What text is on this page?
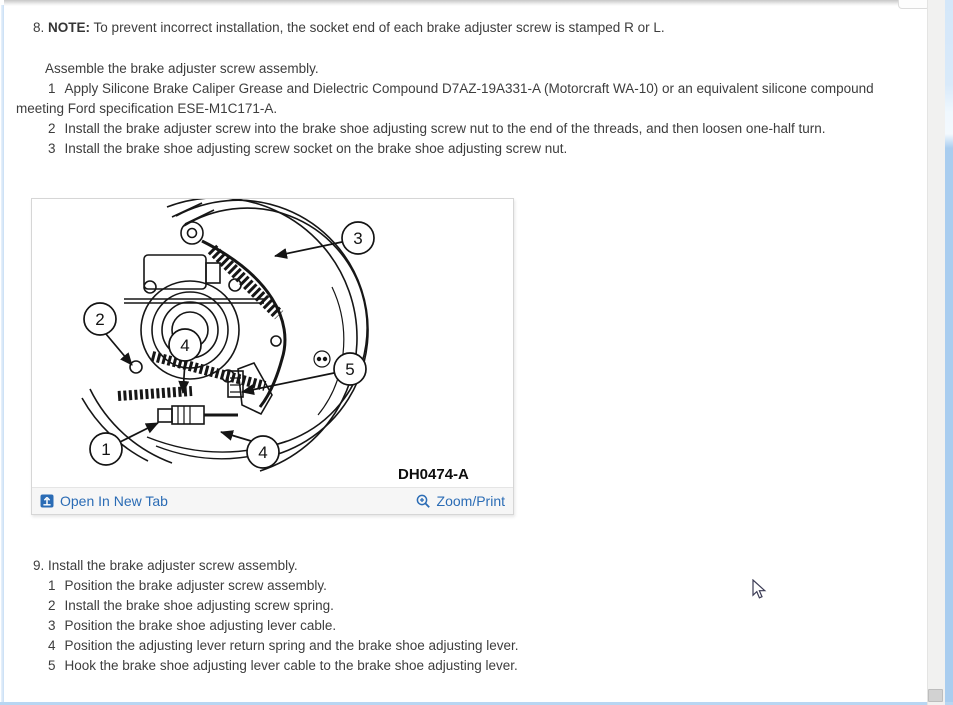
8. NOTE: To prevent incorrect installation, the socket end of each brake adjuster screw is stamped R or L.
Assemble the brake adjuster screw assembly.
1 Apply Silicone Brake Caliper Grease and Dielectric Compound D7AZ-19A331-A (Motorcraft WA-10) or an equivalent silicone compound meeting Ford specification ESE-M1C171-A.
2 Install the brake adjuster screw into the brake shoe adjusting screw nut to the end of the threads, and then loosen one-half turn.
3 Install the brake shoe adjusting screw socket on the brake shoe adjusting screw nut.
3
2
4
5
1	4
DH0474-A
Open In New Tab	Zoom/Print
9. Install the brake adjuster screw assembly.
1 Position the brake adjuster screw assembly.
2 Install the brake shoe adjusting screw spring.
3 Position the brake shoe adjusting lever cable.
4 Position the adjusting lever return spring and the brake shoe adjusting lever.
5 Hook the brake shoe adjusting lever cable to the brake shoe adjusting lever.
